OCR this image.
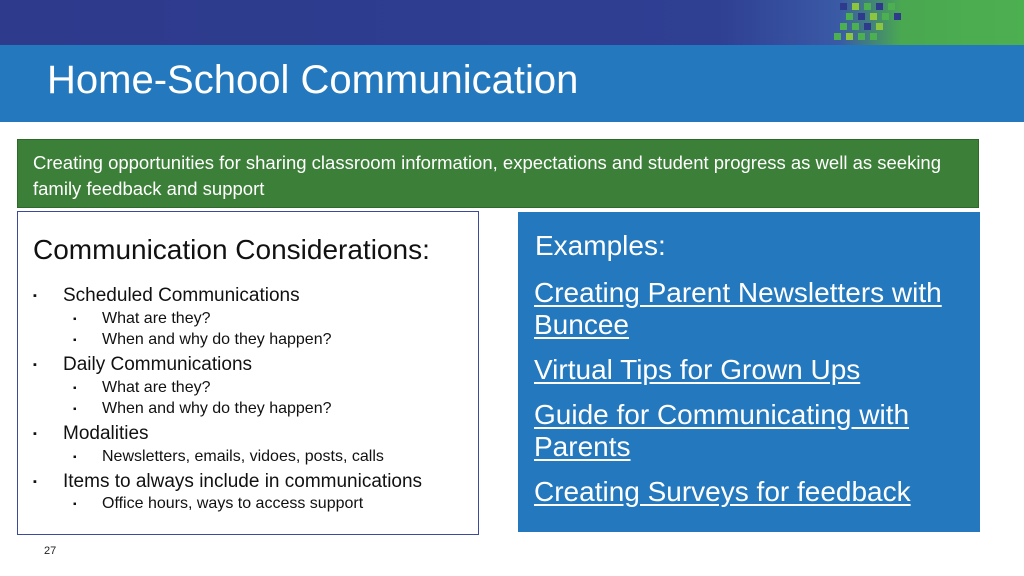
Home-School Communication
Creating opportunities for sharing classroom information, expectations and student progress as well as seeking family feedback and support
Communication Considerations:
▪ Scheduled Communications
▪ What are they?
▪ When and why do they happen?
▪ Daily Communications
▪ What are they?
▪ When and why do they happen?
▪ Modalities
▪ Newsletters, emails, vidoes, posts, calls
▪ Items to always include in communications
▪ Office hours, ways to access support
Examples:
Creating Parent Newsletters with
Buncee
Virtual Tips for Grown Ups
Guide for Communicating with
Parents
Creating Surveys for feedback
27
